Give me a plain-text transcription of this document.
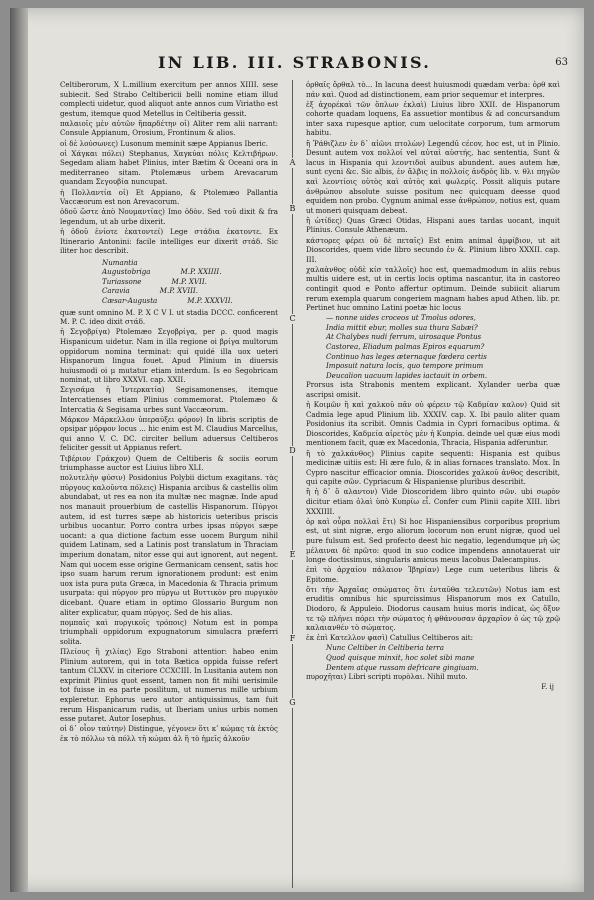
IN LIB. III. STRABONIS.	63

Celtiberorum, X L.millium exercitum per annos XIIII. sese subiecit. Sed Strabo Celtibericii belli nomine etiam illud complecti uidetur, quod aliquot ante annos cum Viriatho est gestum, itemque quod Metellus in Celtiberia gessit.

παλαιοῖς μὲν αὐτῶν ἤπαρδέτην οἱ) Aliter rem alii narrant: Consule Appianum, Orosium, Frontinum & alios.

οἱ δὲ λούσωνες) Lusonum meminit sæpe Appianus Iberic.

οἱ Χάγκαι πόλει) Stephanus, Χαγκύαι πόλις Κελτιβήρων. Segedam aliam habet Plinius, inter Bætim & Oceani ora in mediterraneo sitam. Ptolemæus urbem Arevacarum quandam Σεγουβία nuncupat.

ἡ Πολλαντία οἱ) Et Appiano, & Ptolemæo Pallantia Vaccæorum est non Arevacorum.

ὁδοῦ ὥστε ἀπὸ Νουμαντίας) Imo ὁδὸν. Sed τοῦ dixit & fra legendum, ut ab urbe dixerit.

ἡ ὁδοῦ ἐνίοτε ἐκατοντεί) Lege στάδια ἐκατοντε. Ex Itinerario Antonini: facile intelliges eur dixerit στάδ. Sic iliter hoc describit.

Numantia
Augustobriga	M.P. XXIIII.
Turiassone	M.P. XVII.
Caravia	M.P. XVIII.
Cæsar-Augusta	M.P. XXXVII.

quæ sunt omnino M. P. X C V I. ut stadia DCCC. conficerent M. P. C. ideo dixit στάδ.

ἡ Σεγοβρίγα) Ptolemæo Σεγοβρίγα, per ρ. quod magis Hispanicum uidetur. Nam in illa regione oi βρίγα multorum oppidorum nomina terminat: qui quidé illa uox ueteri Hispanorum lingua fouet. Apud Plinium in diuersis huiusmodi oi μ mutatur etiam interdum. Is eo Segobricam nominat, ut libro XXXVI. cap. XXII.

Σεγισάμα ἡ Ἰντερκατία) Segisamonenses, itemque Intercatienses etiam Plinius commemorat. Ptolemæo & Intercatia & Segisama urbes sunt Vaccæorum.

Μάρκον Μάρκελλον ὑπεραύξει φόρον) In libris scriptis de opsipar μόρφον locus ... hic enim est M. Claudius Marcellus, qui anno V. C. DC. circiter bellum aduersus Celtiberos feliciter gessit ut Appianus refert.

Τιβέριον Γράκχον) Quem de Celtiberis & sociis eorum triumphasse auctor est Liuius libro XLI.

πολυτελὴν φύσιν) Posidonius Polybii dictum exagitans. τὰς πύργους καλοῦντα πόλεις) Hispania arcibus & castellis olim abundabat, ut res ea non ita multæ nec magnæ. Inde apud nos manauit prouerbium de castellis Hispanorum. Πύργοι autem, id est turres sæpe ab historicis ueteribus priscis urbibus uocantur. Porro contra urbes ipsas πύργοι sæpe uocant: a qua dictione factum esse uocem Burgum nihil quidem Latinam, sed a Latinis post translatum in Thraciam imperium donatam, nitor esse qui aut ignorent, aut negent. Nam qui uocem esse origine Germanicam censent, satis hoc ipso suam harum rerum ignorationem produnt: est enim uox ista pura puta Græca, in Macedonia & Thracia primum usurpata: qui πύργον pro πύργω ut Βυττικὸν pro πυργικὸν dicebant. Quare etiam in optimo Glossario Burgum non aliter explicatur, quam πύργος. Sed de his alias.

πομπαῖς καὶ πυργικοῖς τρόποις) Notum est in pompa triumphali oppidorum expugnatorum simulacra præferri solita.

Πλείους ἢ χιλίας) Ego Straboni attentior: habeo enim Plinium autorem, qui in tota Bætica oppida fuisse refert tantum CLXXV. in citeriore CCXCIII. In Lusitania autem non exprimit Plinius quot essent, tamen non fit mihi uerisimile tot fuisse in ea parte posilitum, ut numerus mille urbium expleretur. Ephorus uero autor antiquissimus, tam fuit rerum Hispanicarum rudis, ut Iberiam unius urbis nomen esse putaret. Autor Iosephus.

οἱ δ᾽ οἷον ταύτην) Distingue, γέγονεν ὅτι κʹ κώμας τὰ ἐκτὸς ἐκ τὸ πόλλω τὰ πόλλ τῆ κώμαι ἀλ ἢ τὸ ἡμεῖς ἀλκοῦν

ὁρθαῖς ὄρθαλ τὸ... In lacuna deest huiusmodi quædam verba: ὁρθ καὶ πάν καὶ. Quod ad distinctionem, eam prior sequemur et interpres.

ἐξ ἀχορέκαὶ τῶν ὅπλων ἐκλαὶ) Liuius libro XXII. de Hispanorum cohorte quadam loquens, Ea assuetior montibus & ad concursandum inter saxa rupesque aptior, cum uelocitate corporum, tum armorum habitu.

ἢ Ῥάθιζλεν ἐν δ᾽ αἰῶνι πτολὼν) Legendū cέcov, hoc est, ut in Plinio. Desunt autem vox πολλοί vel αὐταὶ αὐστής, hac sententia, Sunt & lacus in Hispania qui λεοντιδοὶ auibus abundent. aues autem hæ, sunt cycni &c. Sic albis, ἐν ἄλβις in πολλοίς ἀνδρὸς lib. v. θλι πηγῶν καὶ λεοντίοις οὐτὸς καὶ αὐτὸς καὶ φωλερίς. Possit aliquis putare ἀνθρώπον absolute suisse positum nec quicquam deesse quod equidem non probo. Cygnum animal esse ἀνθρώπον, notius est, quam ut moneri quisquam debeat.

ἢ ὠτίδες) Quas Græci Otidas, Hispani aues tardas uocant, inquit Plinius. Consule Athenæum.

κάστορες φέρει οὐ δὲ πεταῖς) Est enim animal ἀμφίβιον, ut ait Dioscorides, quem vide libro secundo ἐν &. Plinium libro XXXII. cap. III.

χαλαὰνθος οὐδὲ κίσ ταλλοῖς) hoc est, quemadmodum in aliis rebus multis uidere est, ut in certis locis optima nascantur, ita in castoreo contingit quod e Ponto affertur optimum. Deinde subiicit aliarum rerum exempla quarum congeriem magnam habes apud Athen. lib. pr. Pertinet huc omnino Latini poetæ hic locus

— nonne uides croceos ut Tmolus odores,

India mittit ebur, molles sua thura Sabæi?

At Chalybes nudi ferrum, uirosaque Pontus

Castorea, Eliadum palmas Epiros equarum?

Continuo has leges æternaque fœdera certis

Imposuit natura locis, quo tempore primum

Deucalion uacuum lapides iactauit in orbem.

Prorsus ista Strabonis mentem explicant. Xylander uerba quæ ascripsi omisit.

ἡ Κοιμῶν ἢ καὶ χαλκοῦ πᾶν οὐ φέρειν τῷ Καδμίαν καλον) Quid sit Cadmia lege apud Plinium lib. XXXIV. cap. X. Ibi paulo aliter quam Posidonius ita scribit. Omnis Cadmia in Cypri fornacibus optima. & Dioscorides, Καδμεία αἱρετὸς μὲν ἡ Κυπρία. deinde uel quæ eius modi mentionem facit, quæ ex Macedonia, Thracia, Hispania adferuntur.

ἢ τὸ χαλκάνθος) Plinius capite sequenti: Hispania est quibus medicinæ uitiis est: Hi ære fulo, & in alias fornaces translato. Mox. In Cypro nascitur efficacior omnia. Dioscorides χαλκοῦ ἀνθος describit, qui capite σῶν. Cypriacum & Hispaniense pluribus describit.

ἢ ἡ δ᾽ ὅ αλαντον) Vide Dioscoridem libro quinto σῶν. ubi σωρὸν dicitur etiam ὀλαὶ ὑπὸ Κυπρίω εἶ. Confer cum Plinii capite XIII. libri XXXIIII.

ὁρ καὶ οὖρα πολλαὶ ἔτι) Si hoc Hispaniensibus corporibus proprium est, ut sint nigræ, ergo aliorum locorum non erunt nigræ, quod uel pure fulsum est. Sed profecto deest hic negatio, legendumque μὴ ὡς μέλαιναι δὲ πρῶτο: quod in suo codice impendens annotauerat uir longe doctissimus, singularis amicus meus Iacobus Dalecampius.

ἐπὶ τὸ ἀρχαίου πάλαιον Ἰβηρίαν) Lege cum ueteribus libris & Epitome.

ὅτι τὴν Ἀρχαῖας σπώματος ὅτι ἐνταῦθα τελευτῶν) Notus iam est eruditis omnibus hic spurcissimus Hispanorum mos ex Catullo, Diodoro, & Appuleio. Diodorus causam huius moris indicat, ὡς ὄξυν τε τῷ πλήνει πόρει τὴν σώματος ἡ φθάνουσαν ἀρχαρῖον ὁ ὡς τῷ χρῷ καλαιανθέν τὸ σώματος.

ἐκ ἐπὶ Κατελλον φασὶ) Catullus Celtiberos ait:

Nunc Celtiber in Celtiberia terra

Quod quisque minxit, hoc solet sibi mane

Dentem atque russam defricare gingiuam.

πυροχῆται) Libri scripti πυρὸλαι. Nihil muto.

F. ij
A
B
C
D
E
F
G
